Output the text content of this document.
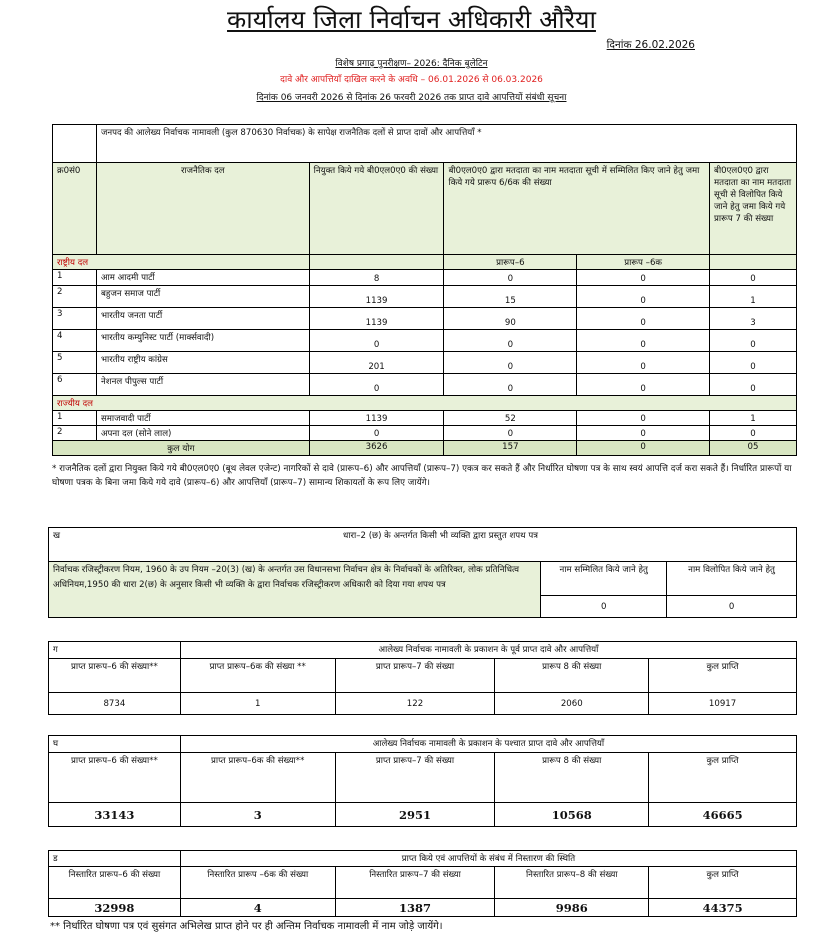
कार्यालय जिला निर्वाचन अधिकारी औरैया
दिनांक 26.02.2026
विशेष प्रगाढ़ पुनरीक्षण– 2026: दैनिक बुलेटिन
दावे और आपत्तियाँ दाखिल करने के अवधि – 06.01.2026 से 06.03.2026
दिनांक 06 जनवरी 2026 से दिनांक 26 फरवरी 2026 तक प्राप्त दावे आपत्तियों संबंधी सूचना
	जनपद की आलेख्य निर्वाचक नामावली (कुल 870630 निर्वाचक) के सापेक्ष राजनैतिक दलों से प्राप्त दावों और आपत्तियाँ *				
क्र0सं0	राजनैतिक दल	नियुक्त किये गये बी0एल0ए0 की संख्या	बी0एल0ए0 द्वारा मतदाता का नाम मतदाता सूची में सम्मिलित किए जाने हेतु जमा किये गये प्रारूप 6/6क की संख्या		बी0एल0ए0 द्वारा मतदाता का नाम मतदाता सूची से विलोपित किये जाने हेतु जमा किये गये प्रारूप 7 की संख्या
राष्ट्रीय दल			प्रारूप–6	प्रारूप –6क	
1	आम आदमी पार्टी	8	0	0	0
2	बहुजन समाज पार्टी	1139	15	0	1
3	भारतीय जनता पार्टी	1139	90	0	3
4	भारतीय कम्युनिस्ट पार्टी (मार्क्सवादी)	0	0	0	0
5	भारतीय राष्ट्रीय कांग्रेस	201	0	0	0
6	नेशनल पीपुल्स पार्टी	0	0	0	0
राज्यीय दल					
1	समाजवादी पार्टी	1139	52	0	1
2	अपना दल (सोने लाल)	0	0	0	0
कुल योग		3626	157	0	05
* राजनैतिक दलों द्वारा नियुक्त किये गये बी0एल0ए0 (बूथ लेवल एजेन्ट) नागरिकों से दावे (प्रारूप–6) और आपत्तियाँ (प्रारूप–7) एकत्र कर सकते हैं और निर्धारित घोषणा पत्र के साथ स्वयं आपत्ति दर्ज करा सकते हैं। निर्धारित प्रारूपों या घोषणा पत्रक के बिना जमा किये गये दावे (प्रारूप–6) और आपत्तियाँ (प्रारूप–7) सामान्य शिकायतों के रूप लिए जायेंगे।
ख धारा–2 (छ) के अन्तर्गत किसी भी व्यक्ति द्वारा प्रस्तुत शपथ पत्र		

निर्वाचक रजिस्ट्रीकरण नियम, 1960 के उप नियम –20(3) (ख) के अन्तर्गत उस विधानसभा निर्वाचन क्षेत्र के निर्वाचकों के अतिरिक्त, लोक प्रतिनिधित्व अधिनियम,1950 की धारा 2(छ) के अनुसार किसी भी व्यक्ति के द्वारा निर्वाचक रजिस्ट्रीकरण अधिकारी को दिया गया शपथ पत्र	नाम सम्मिलित किये जाने हेतु	नाम विलोपित किये जाने हेतु
	0	0
ग	आलेख्य निर्वाचक नामावली के प्रकाशन के पूर्व प्राप्त दावे और आपत्तियाँ			
प्राप्त प्रारूप–6 की संख्या**	प्राप्त प्रारूप–6क की संख्या **	प्राप्त प्रारूप–7 की संख्या	प्रारूप 8 की संख्या	कुल प्राप्ति
8734	1	122	2060	10917
घ	आलेख्य निर्वाचक नामावली के प्रकाशन के पश्चात प्राप्त दावे और आपत्तियाँ			
प्राप्त प्रारूप–6 की संख्या**	प्राप्त प्रारूप–6क की संख्या**	प्राप्त प्रारूप–7 की संख्या	प्रारूप 8 की संख्या	कुल प्राप्ति
33143	3	2951	10568	46665
ड	प्राप्त किये एवं आपत्तियों के संबंध में निस्तारण की स्थिति			
निस्तारित प्रारूप–6 की संख्या	निस्तारित प्रारूप –6क की संख्या	निस्तारित प्रारूप–7 की संख्या	निस्तारित प्रारूप–8 की संख्या	कुल प्राप्ति
32998	4	1387	9986	44375
** निर्धारित घोषणा पत्र एवं सुसंगत अभिलेख प्राप्त होने पर ही अन्तिम निर्वाचक नामावली में नाम जोड़े जायेंगे।
